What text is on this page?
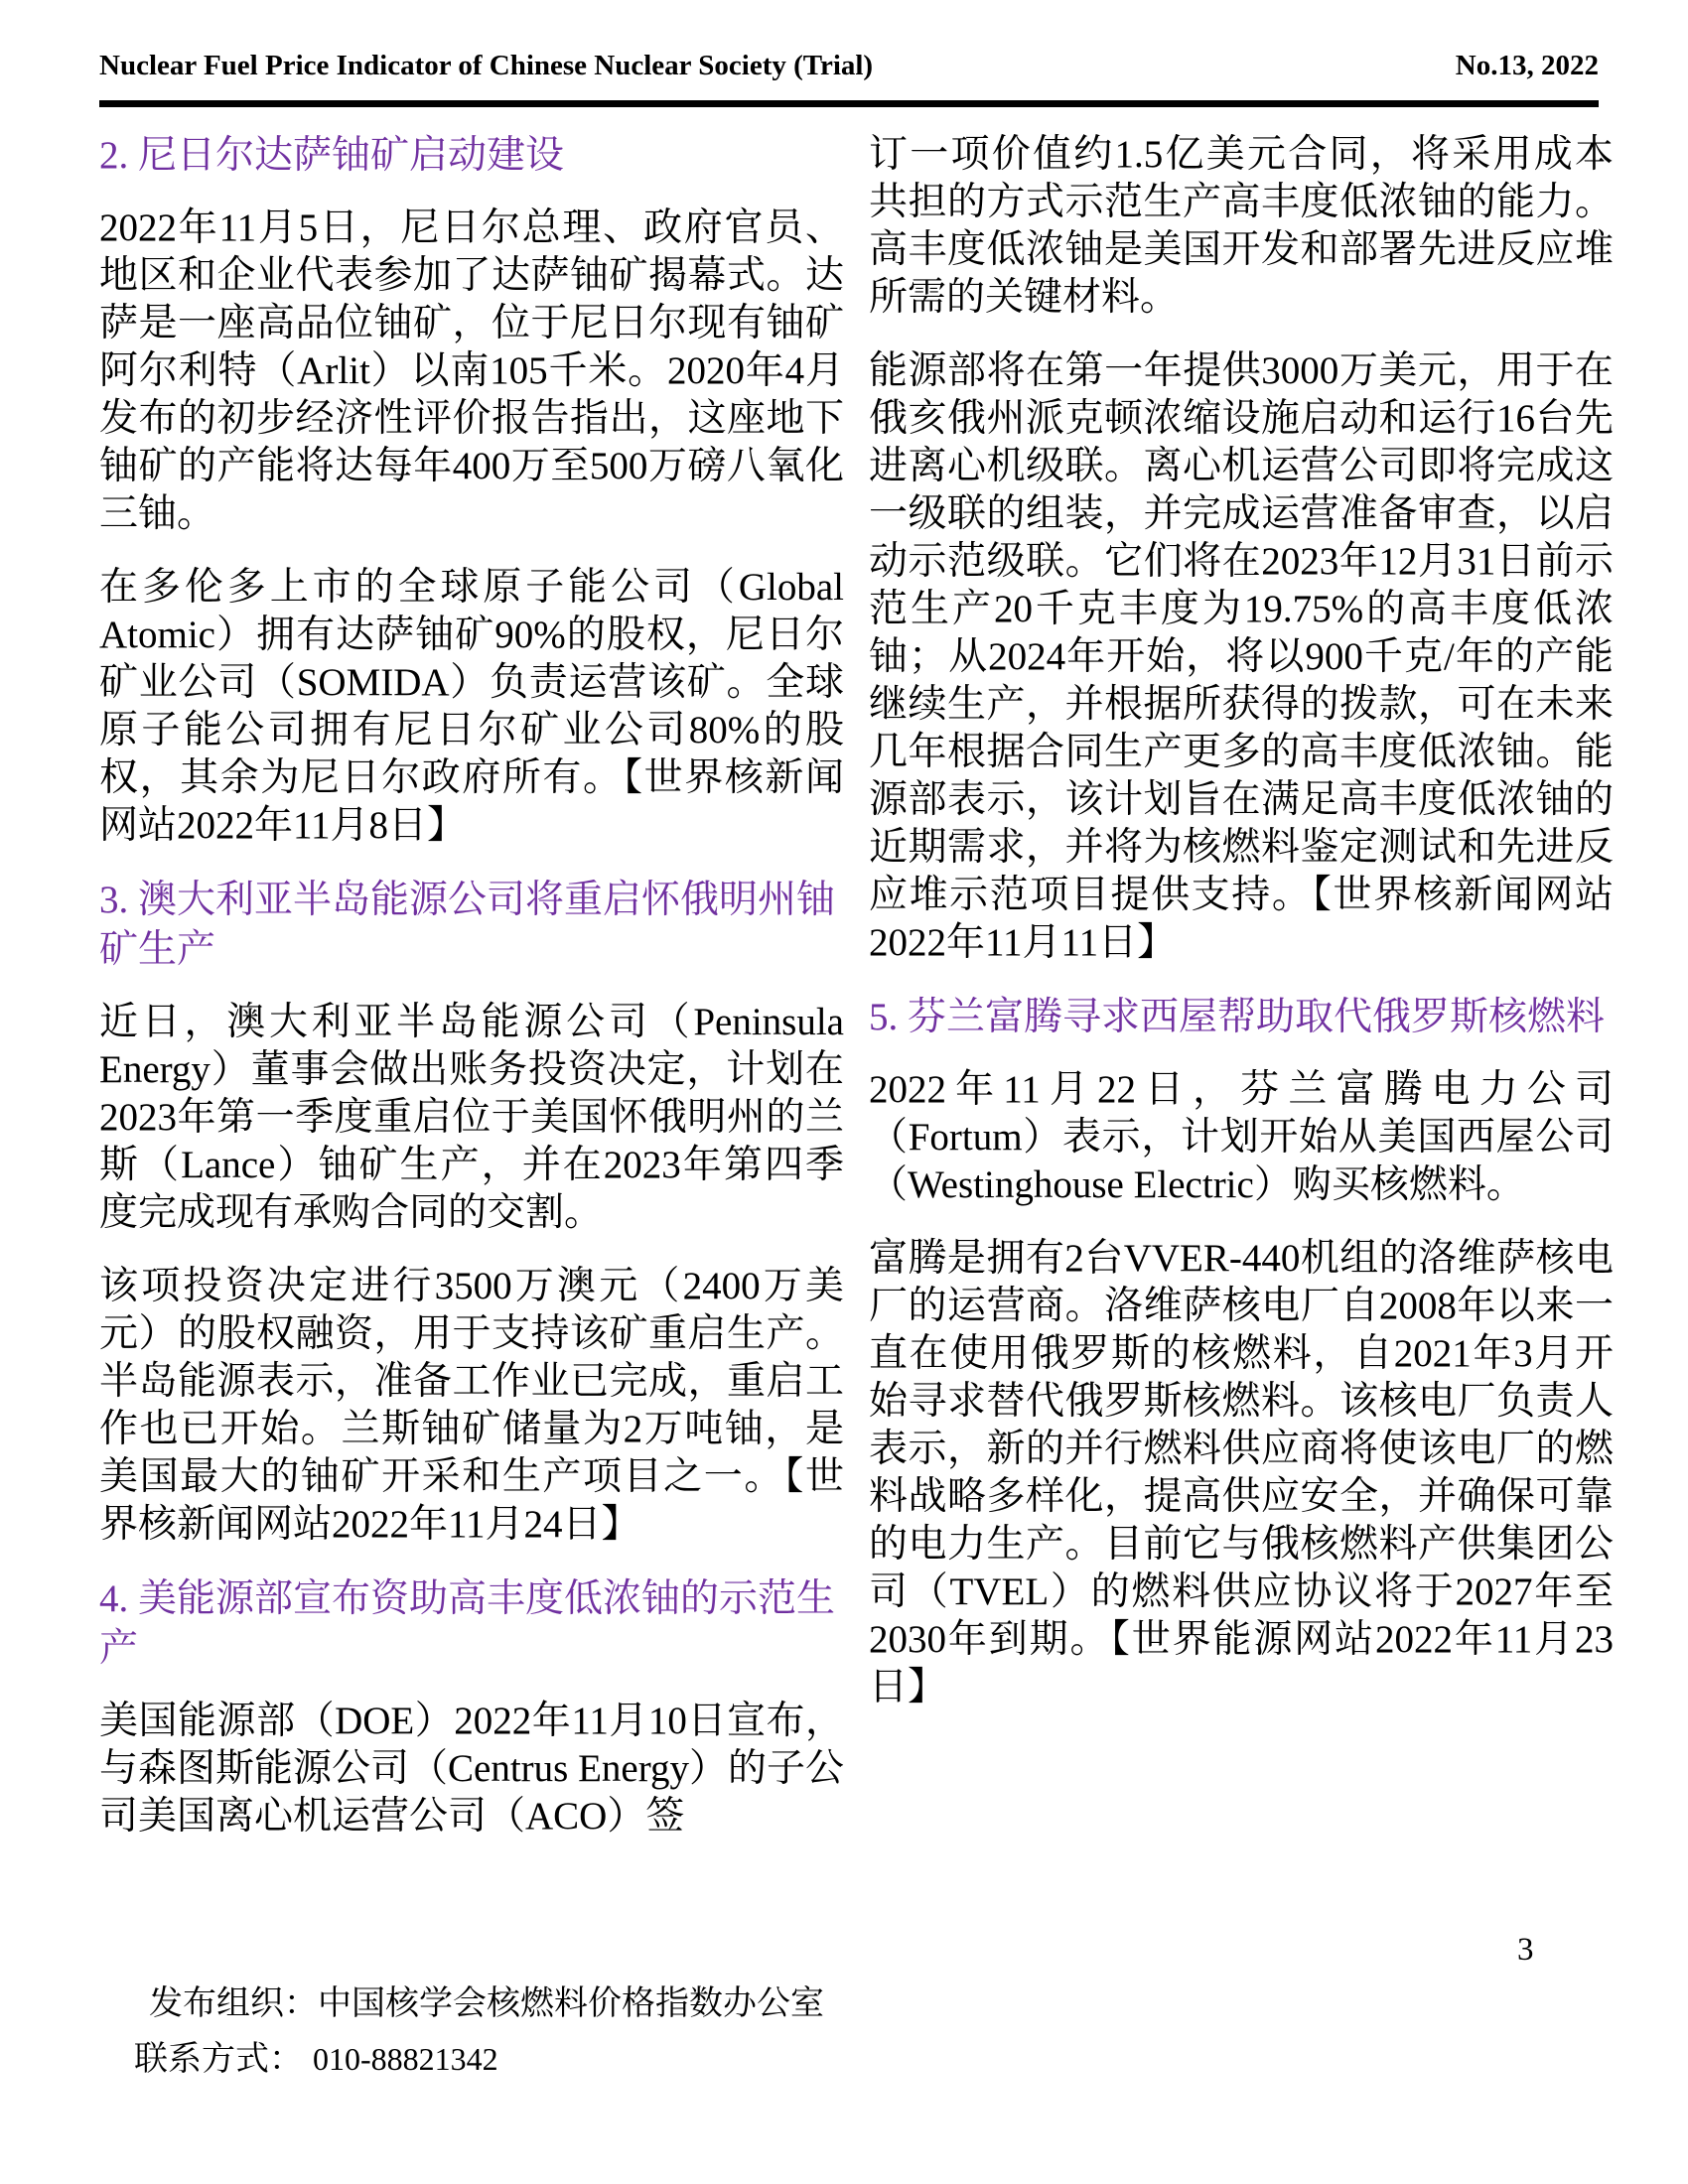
Nuclear Fuel Price Indicator of Chinese Nuclear Society (Trial)	No.13, 2022
2. 尼日尔达萨铀矿启动建设

2022年11月5日，尼日尔总理、政府官员、地区和企业代表参加了达萨铀矿揭幕式。达萨是一座高品位铀矿，位于尼日尔现有铀矿阿尔利特（Arlit）以南105千米。2020年4月发布的初步经济性评价报告指出，这座地下铀矿的产能将达每年400万至500万磅八氧化三铀。

在多伦多上市的全球原子能公司（Global Atomic）拥有达萨铀矿90%的股权，尼日尔矿业公司（SOMIDA）负责运营该矿。全球原子能公司拥有尼日尔矿业公司80%的股权，其余为尼日尔政府所有。【世界核新闻网站2022年11月8日】

3. 澳大利亚半岛能源公司将重启怀俄明州铀矿生产

近日，澳大利亚半岛能源公司（Peninsula Energy）董事会做出账务投资决定，计划在2023年第一季度重启位于美国怀俄明州的兰斯（Lance）铀矿生产，并在2023年第四季度完成现有承购合同的交割。

该项投资决定进行3500万澳元（2400万美元）的股权融资，用于支持该矿重启生产。半岛能源表示，准备工作业已完成，重启工作也已开始。兰斯铀矿储量为2万吨铀，是美国最大的铀矿开采和生产项目之一。【世界核新闻网站2022年11月24日】

4. 美能源部宣布资助高丰度低浓铀的示范生产

美国能源部（DOE）2022年11月10日宣布，与森图斯能源公司（Centrus Energy）的子公司美国离心机运营公司（ACO）签

订一项价值约1.5亿美元合同，将采用成本共担的方式示范生产高丰度低浓铀的能力。高丰度低浓铀是美国开发和部署先进反应堆所需的关键材料。

能源部将在第一年提供3000万美元，用于在俄亥俄州派克顿浓缩设施启动和运行16台先进离心机级联。离心机运营公司即将完成这一级联的组装，并完成运营准备审查，以启动示范级联。它们将在2023年12月31日前示范生产20千克丰度为19.75%的高丰度低浓铀；从2024年开始，将以900千克/年的产能继续生产，并根据所获得的拨款，可在未来几年根据合同生产更多的高丰度低浓铀。能源部表示，该计划旨在满足高丰度低浓铀的近期需求，并将为核燃料鉴定测试和先进反应堆示范项目提供支持。【世界核新闻网站2022年11月11日】

5. 芬兰富腾寻求西屋帮助取代俄罗斯核燃料

2022年11月22日，芬兰富腾电力公司（Fortum）表示，计划开始从美国西屋公司（Westinghouse Electric）购买核燃料。

富腾是拥有2台VVER-440机组的洛维萨核电厂的运营商。洛维萨核电厂自2008年以来一直在使用俄罗斯的核燃料，自2021年3月开始寻求替代俄罗斯核燃料。该核电厂负责人表示，新的并行燃料供应商将使该电厂的燃料战略多样化，提高供应安全，并确保可靠的电力生产。目前它与俄核燃料产供集团公司（TVEL）的燃料供应协议将于2027年至2030年到期。【世界能源网站2022年11月23日】

3
发布组织：中国核学会核燃料价格指数办公室
联系方式： 010-88821342
